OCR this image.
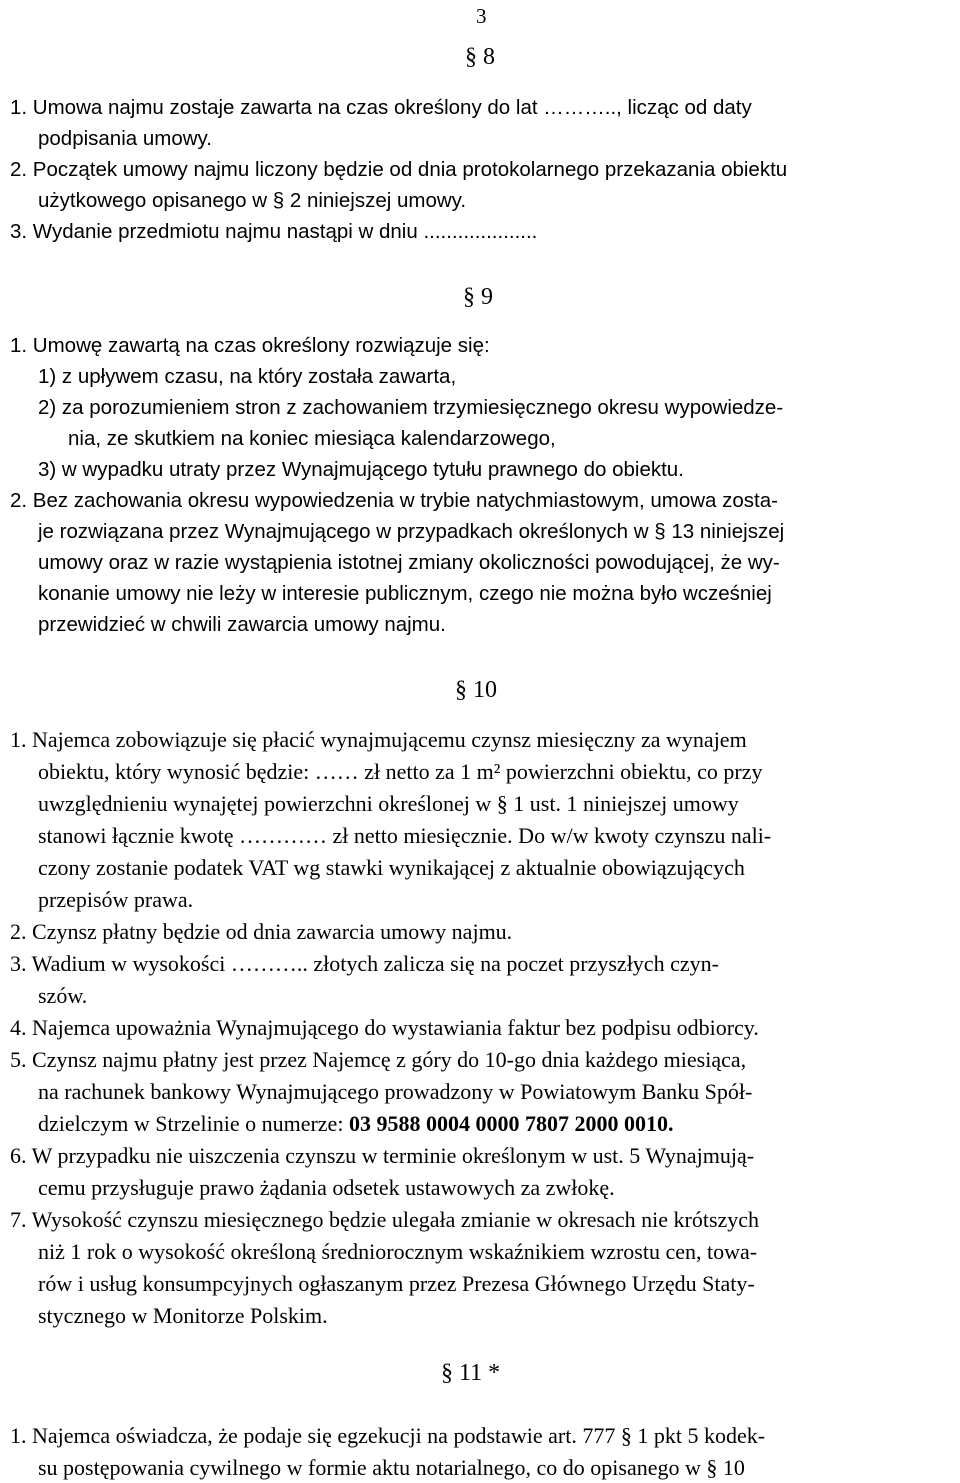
3
§ 8
1. Umowa najmu zostaje zawarta na czas określony do lat ……….., licząc od daty
podpisania umowy.
2. Początek umowy najmu liczony będzie od dnia protokolarnego przekazania obiektu
użytkowego opisanego w § 2 niniejszej umowy.
3. Wydanie przedmiotu najmu nastąpi w dniu ....................
§ 9
1. Umowę zawartą na czas określony rozwiązuje się:
1) z upływem czasu, na który została zawarta,
2) za porozumieniem stron z zachowaniem trzymiesięcznego okresu wypowiedze-
nia, ze skutkiem na koniec miesiąca kalendarzowego,
3) w wypadku utraty przez Wynajmującego tytułu prawnego do obiektu.
2. Bez zachowania okresu wypowiedzenia w trybie natychmiastowym, umowa zosta-
je rozwiązana przez Wynajmującego w przypadkach określonych w § 13 niniejszej
umowy oraz w razie wystąpienia istotnej zmiany okoliczności powodującej, że wy-
konanie umowy nie leży w interesie publicznym, czego nie można było wcześniej
przewidzieć w chwili zawarcia umowy najmu.
§ 10
1. Najemca zobowiązuje się płacić wynajmującemu czynsz miesięczny za wynajem
obiektu, który wynosić będzie: …… zł netto za 1 m² powierzchni obiektu, co przy
uwzględnieniu wynajętej powierzchni określonej w § 1 ust. 1 niniejszej umowy
stanowi łącznie kwotę ………… zł netto miesięcznie. Do w/w kwoty czynszu nali-
czony zostanie podatek VAT wg stawki wynikającej z aktualnie obowiązujących
przepisów prawa.
2. Czynsz płatny będzie od dnia zawarcia umowy najmu.
3. Wadium w wysokości ……….. złotych zalicza się na poczet przyszłych czyn-
szów.
4. Najemca upoważnia Wynajmującego do wystawiania faktur bez podpisu odbiorcy.
5. Czynsz najmu płatny jest przez Najemcę z góry do 10-go dnia każdego miesiąca,
na rachunek bankowy Wynajmującego prowadzony w Powiatowym Banku Spół-
dzielczym w Strzelinie o numerze: 03 9588 0004 0000 7807 2000 0010.
6. W przypadku nie uiszczenia czynszu w terminie określonym w ust. 5 Wynajmują-
cemu przysługuje prawo żądania odsetek ustawowych za zwłokę.
7. Wysokość czynszu miesięcznego będzie ulegała zmianie w okresach nie krótszych
niż 1 rok o wysokość określoną średniorocznym wskaźnikiem wzrostu cen, towa-
rów i usług konsumpcyjnych ogłaszanym przez Prezesa Głównego Urzędu Staty-
stycznego w Monitorze Polskim.
§ 11 *
1. Najemca oświadcza, że podaje się egzekucji na podstawie art. 777 § 1 pkt 5 kodek-
su postępowania cywilnego w formie aktu notarialnego, co do opisanego w § 10
